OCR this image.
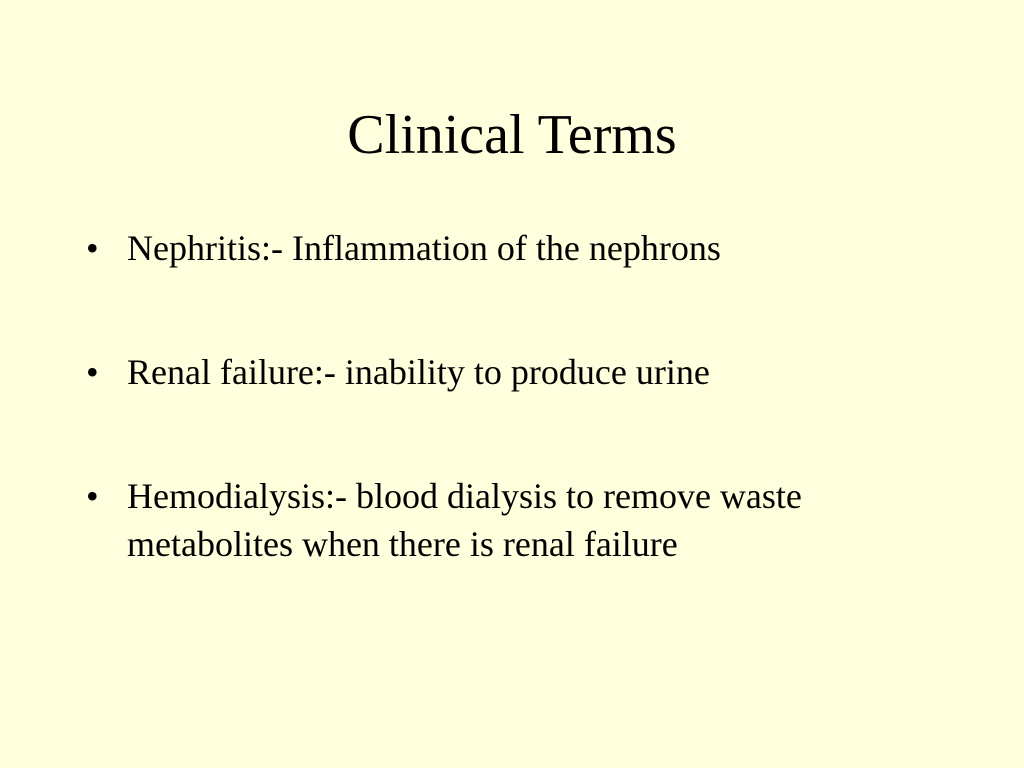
Clinical Terms
• Nephritis:- Inflammation of the nephrons
• Renal failure:- inability to produce urine
• Hemodialysis:- blood dialysis to remove waste metabolites when there is renal failure
